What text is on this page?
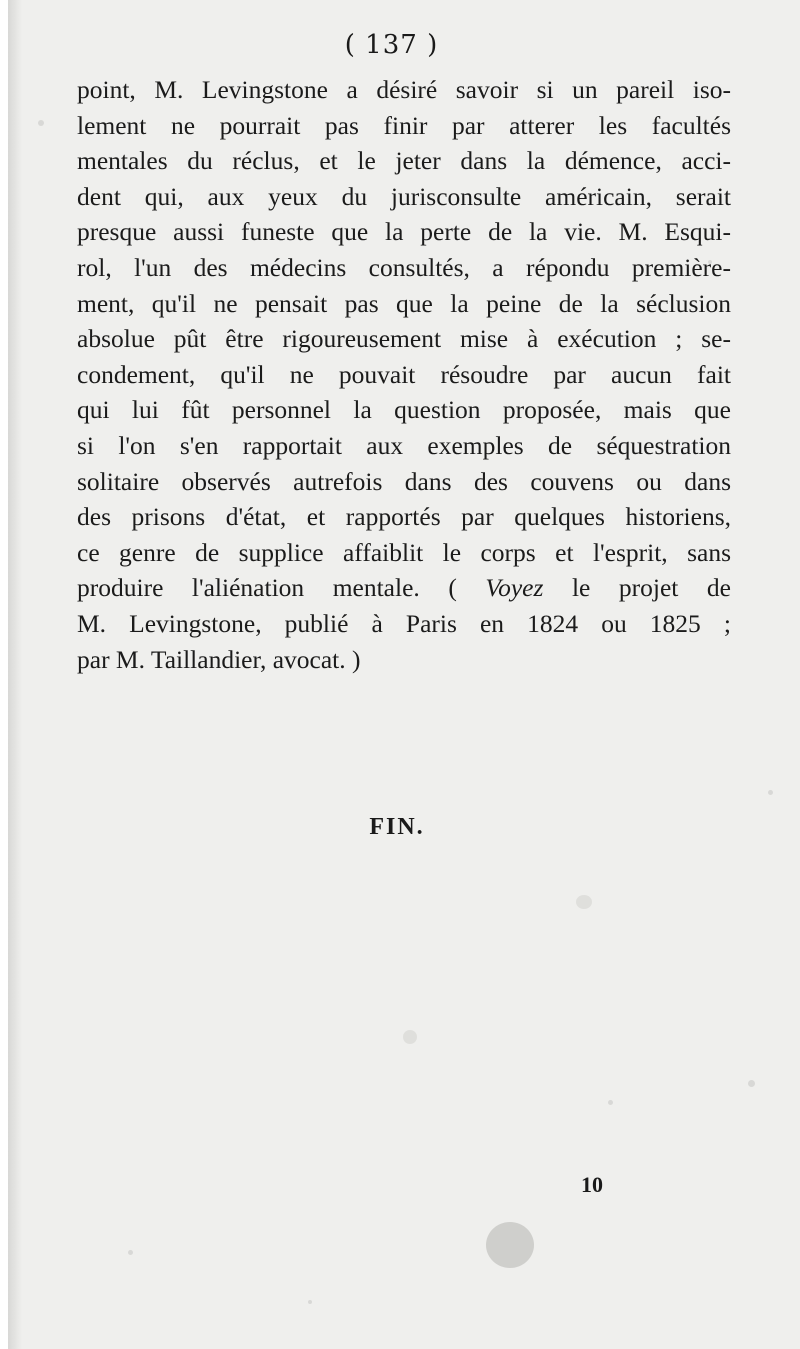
( 137 )
point, M. Levingstone a désiré savoir si un pareil iso-
lement ne pourrait pas finir par atterer les facultés
mentales du réclus, et le jeter dans la démence, acci-
dent qui, aux yeux du jurisconsulte américain, serait
presque aussi funeste que la perte de la vie. M. Esqui-
rol, l'un des médecins consultés, a répondu première-
ment, qu'il ne pensait pas que la peine de la séclusion
absolue pût être rigoureusement mise à exécution ; se-
condement, qu'il ne pouvait résoudre par aucun fait
qui lui fût personnel la question proposée, mais que
si l'on s'en rapportait aux exemples de séquestration
solitaire observés autrefois dans des couvens ou dans
des prisons d'état, et rapportés par quelques historiens,
ce genre de supplice affaiblit le corps et l'esprit, sans
produire l'aliénation mentale. ( Voyez le projet de
M. Levingstone, publié à Paris en 1824 ou 1825 ;
par M. Taillandier, avocat. )
FIN.
10
